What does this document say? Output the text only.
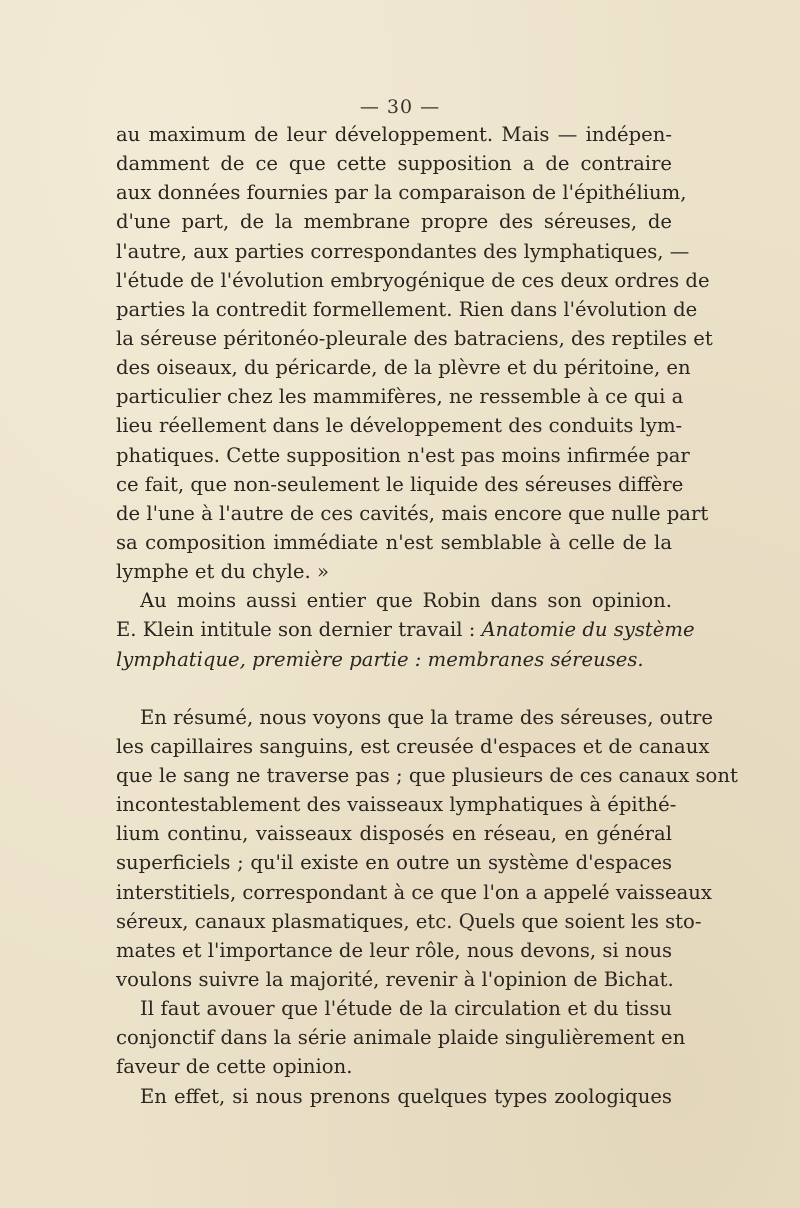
— 30 —
au maximum de leur développement. Mais — indépen-
damment de ce que cette supposition a de contraire
aux données fournies par la comparaison de l'épithélium,
d'une part, de la membrane propre des séreuses, de
l'autre, aux parties correspondantes des lymphatiques, —
l'étude de l'évolution embryogénique de ces deux ordres de
parties la contredit formellement. Rien dans l'évolution de
la séreuse péritonéo-pleurale des batraciens, des reptiles et
des oiseaux, du péricarde, de la plèvre et du péritoine, en
particulier chez les mammifères, ne ressemble à ce qui a
lieu réellement dans le développement des conduits lym-
phatiques. Cette supposition n'est pas moins infirmée par
ce fait, que non-seulement le liquide des séreuses diffère
de l'une à l'autre de ces cavités, mais encore que nulle part
sa composition immédiate n'est semblable à celle de la
lymphe et du chyle. »
Au moins aussi entier que Robin dans son opinion.
E. Klein intitule son dernier travail : Anatomie du système
lymphatique, première partie : membranes séreuses.
En résumé, nous voyons que la trame des séreuses, outre
les capillaires sanguins, est creusée d'espaces et de canaux
que le sang ne traverse pas ; que plusieurs de ces canaux sont
incontestablement des vaisseaux lymphatiques à épithé-
lium continu, vaisseaux disposés en réseau, en général
superficiels ; qu'il existe en outre un système d'espaces
interstitiels, correspondant à ce que l'on a appelé vaisseaux
séreux, canaux plasmatiques, etc. Quels que soient les sto-
mates et l'importance de leur rôle, nous devons, si nous
voulons suivre la majorité, revenir à l'opinion de Bichat.
Il faut avouer que l'étude de la circulation et du tissu
conjonctif dans la série animale plaide singulièrement en
faveur de cette opinion.
En effet, si nous prenons quelques types zoologiques
